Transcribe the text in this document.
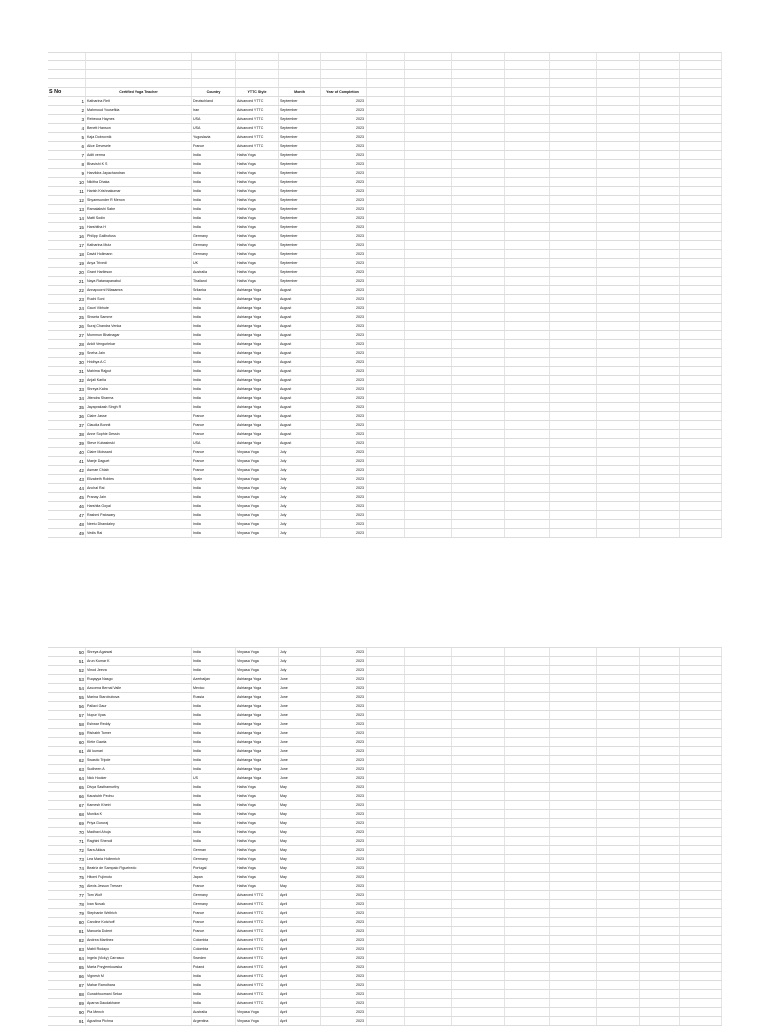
S No	Certified Yoga Teacher	Country	YTTC Style	Month	Year of Completion
1 Katharina Reit	Deutschland	Advanced YTTC	September	2023
2 Mahmoud Yousefkia	Iran	Advanced YTTC	September	2023
3 Rebecca Haynes	USA	Advanced YTTC	September	2023
4 Benett Hanson	USA	Advanced YTTC	September	2023
5 Kaja Dobrovnik	Yugoslavia	Advanced YTTC	September	2023
6 Alice Devesele	France	Advanced YTTC	September	2023
7 Aditi verma	India	Hatha Yoga	September	2023
8 Bhavishi K S	India	Hatha Yoga	September	2023
9 Harvildra Jayachandran	India	Hatha Yoga	September	2023
10 Nikitha Dhaka	India	Hatha Yoga	September	2023
11 Harish Krishnakumar	India	Hatha Yoga	September	2023
12 Shyamsunder R Menon	India	Hatha Yoga	September	2023
13 Ramalakshi Sabe	India	Hatha Yoga	September	2023
14 Matti Sodin	India	Hatha Yoga	September	2023
15 Harshitha H	India	Hatha Yoga	September	2023
16 Philipp Gallhofuss	Germany	Hatha Yoga	September	2023
17 Katharina Mutz	Germany	Hatha Yoga	September	2023
18 David Hollmann	Germany	Hatha Yoga	September	2023
19 Anya Trivedi	UK	Hatha Yoga	September	2023
20 Grant Harlleson	Australia	Hatha Yoga	September	2023
21 Naya Ratanapanabul	Thailand	Hatha Yoga	September	2023
22 Annapoorni Nilasamra	Srilanka	Ashtanga Yoga	August	2023
23 Ruchi Soni	India	Ashtanga Yoga	August	2023
24 Gauri Vibhute	India	Ashtanga Yoga	August	2023
25 Shweta Samme	India	Ashtanga Yoga	August	2023
26 Suraj Chandra Venka	India	Ashtanga Yoga	August	2023
27 Mummun Bhatnagar	India	Ashtanga Yoga	August	2023
28 Ankit Vengurlekar	India	Ashtanga Yoga	August	2023
29 Sneha Jain	India	Ashtanga Yoga	August	2023
30 Hridhya A C	India	Ashtanga Yoga	August	2023
31 Mahima Rajput	India	Ashtanga Yoga	August	2023
32 Anjali Karila	India	Ashtanga Yoga	August	2023
33 Shreya Kalra	India	Ashtanga Yoga	August	2023
34 Jitendra Sharma	India	Ashtanga Yoga	August	2023
35 Jayaprakash Singh R	India	Ashtanga Yoga	August	2023
36 Claire Jasse	France	Ashtanga Yoga	August	2023
37 Claudia Bonnit	France	Ashtanga Yoga	August	2023
38 Anne Sophie Dessin	France	Ashtanga Yoga	August	2023
39 Steve Kubasinski	USA	Ashtanga Yoga	August	2023
40 Claire Moissard	France	Vinyasa Yoga	July	2023
41 Maeje Daguet	France	Vinyasa Yoga	July	2023
42 Asmae Chiab	France	Vinyasa Yoga	July	2023
43 Elizabeth Robles	Spain	Vinyasa Yoga	July	2023
44 Anchal Rai	India	Vinyasa Yoga	July	2023
45 Pranay Jain	India	Vinyasa Yoga	July	2023
46 Harshita Goyal	India	Vinyasa Yoga	July	2023
47 Rashmi Patowary	India	Vinyasa Yoga	July	2023
48 Neetu Dhandaley	India	Vinyasa Yoga	July	2023
49 Vedis Rai	India	Vinyasa Yoga	July	2023
50 Shreya Agarwal	India	Vinyasa Yoga	July	2023
51 Arun Kumar K	India	Vinyasa Yoga	July	2023
52 Vinod Jeeva	India	Vinyasa Yoga	July	2023
53 Ruqayya Nasgo	Azerbaijan	Ashtanga Yoga	June	2023
54 Azucena Bernal Valle	Mexico	Ashtanga Yoga	June	2023
55 Marina Starobubova	Russia	Ashtanga Yoga	June	2023
56 Pallavi Gaur	India	Ashtanga Yoga	June	2023
57 Nupur Vyas	India	Ashtanga Yoga	June	2023
58 Eshwar Reddy	India	Ashtanga Yoga	June	2023
59 Rishabh Tomer	India	Ashtanga Yoga	June	2023
60 Kirtie Gawla	India	Ashtanga Yoga	June	2023
61 Atl kumari	India	Ashtanga Yoga	June	2023
62 Swastic Tripde	India	Ashtanga Yoga	June	2023
63 Sudheen A	India	Ashtanga Yoga	June	2023
64 Nick Hooker	US	Ashtanga Yoga	June	2023
65 Divya Sasthamurthy	India	Hatha Yoga	May	2023
66 Kaustubh Pednu	India	Hatha Yoga	May	2023
67 Kamesh Khetri	India	Hatha Yoga	May	2023
68 Monika K	India	Hatha Yoga	May	2023
69 Priya Gururaj	India	Hatha Yoga	May	2023
70 Madhavi Ahuja	India	Hatha Yoga	May	2023
71 Raghini Shenoli	India	Hatha Yoga	May	2023
72 Sara Akkus	German	Hatha Yoga	May	2023
73 Lea Maria Hollenrich	Germany	Hatha Yoga	May	2023
74 Beatriz de Sampaio Figueiredo	Portugal	Hatha Yoga	May	2023
75 Hitomi Fujimoto	Japan	Hatha Yoga	May	2023
76 Alexis Jessun Tresser	France	Hatha Yoga	May	2023
77 Tom Wolf	Germany	Advanced YTTC	April	2023
78 Ivan Novak	Germany	Advanced YTTC	April	2023
79 Stephanie Wellrich	France	Advanced YTTC	April	2023
80 Caroline Kotchoff	France	Advanced YTTC	April	2023
81 Manuela Dolent	France	Advanced YTTC	April	2023
82 Andrea Martinez	Colombia	Advanced YTTC	April	2023
83 Mabil Rodayo	Colombia	Advanced YTTC	April	2023
84 Ingela (Vicky) Carrasco	Sweden	Advanced YTTC	April	2023
85 Marta Przyjemkowska	Poland	Advanced YTTC	April	2023
86 Vignesh M	India	Advanced YTTC	April	2023
87 Mahar Ramdhara	India	Advanced YTTC	April	2023
88 Gunabhoomani Sekar	India	Advanced YTTC	April	2023
89 Aparna Daudakhane	India	Advanced YTTC	April	2023
90 Pia Mench	Australia	Vinyasa Yoga	April	2023
91 Agustina Pichna	Argentina	Vinyasa Yoga	April	2023
